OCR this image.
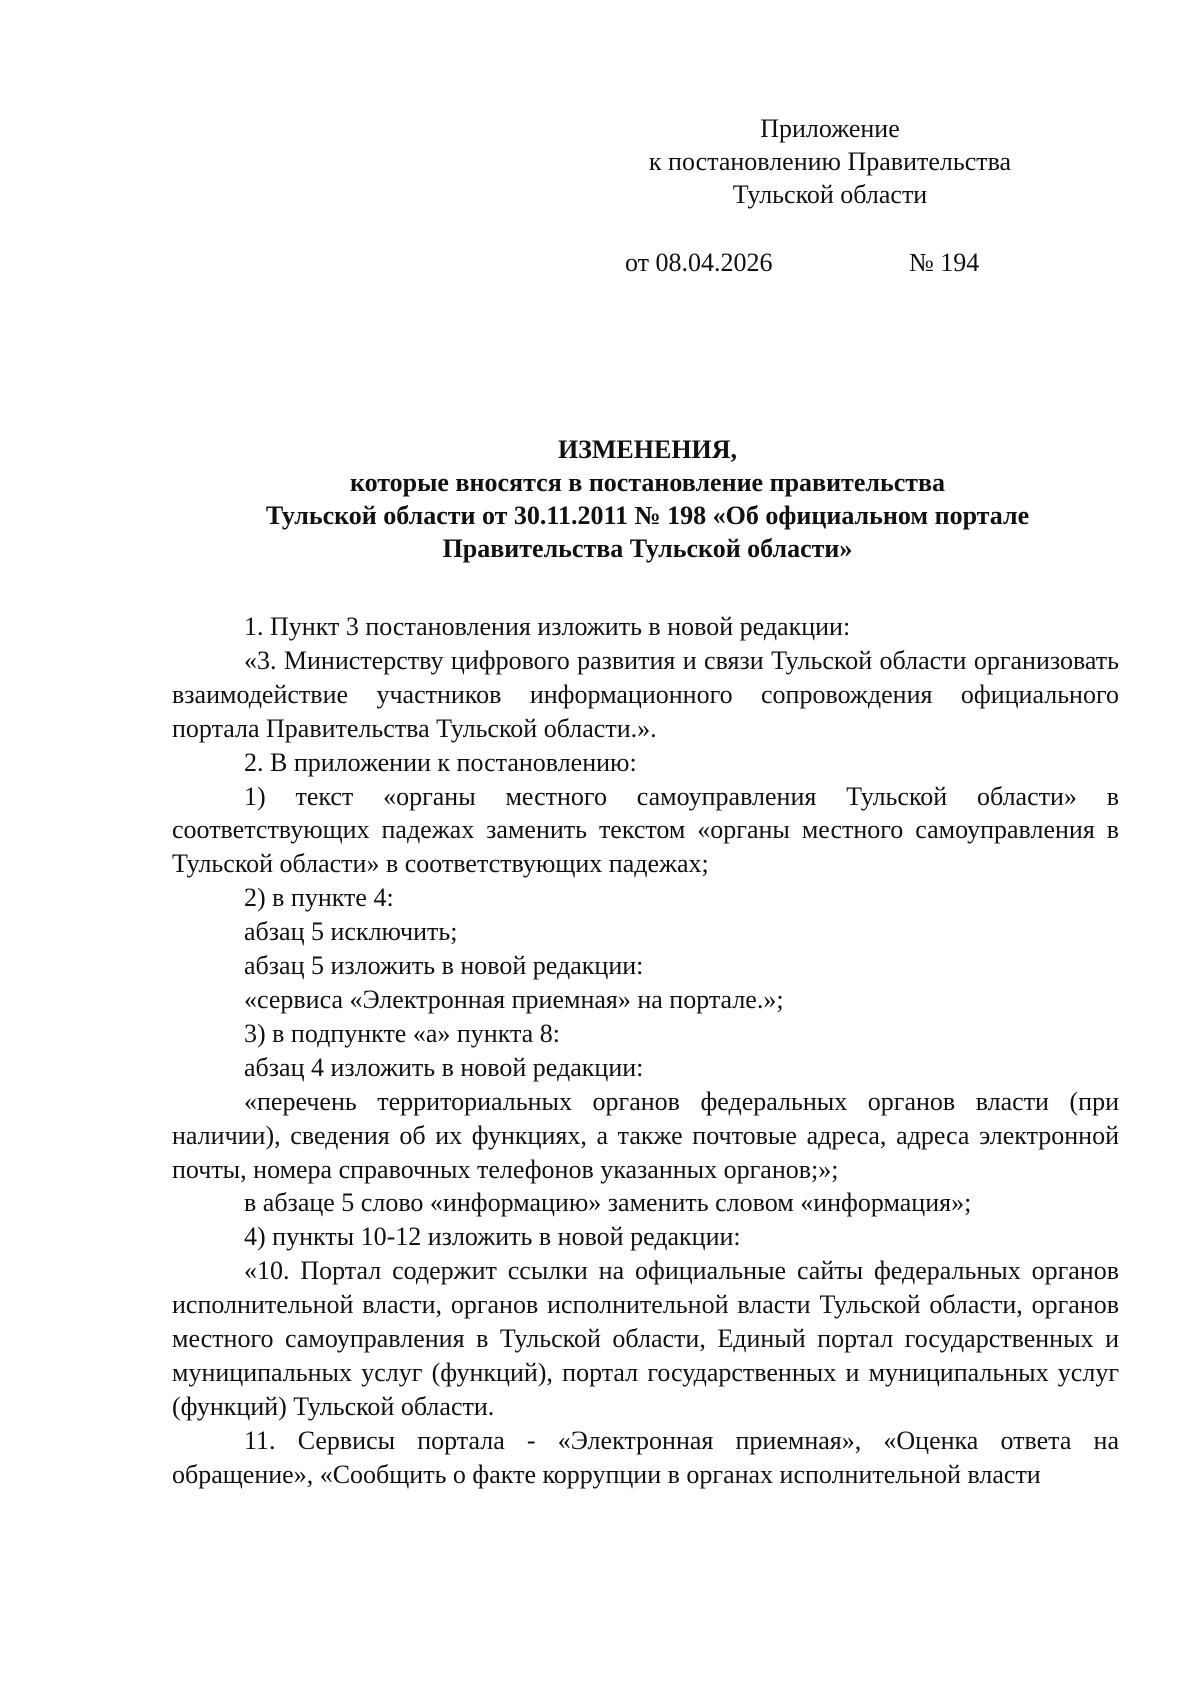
Приложение
к постановлению Правительства
Тульской области
от 08.04.2026	№ 194
ИЗМЕНЕНИЯ,
которые вносятся в постановление правительства
Тульской области от 30.11.2011 № 198 «Об официальном портале
Правительства Тульской области»

1. Пункт 3 постановления изложить в новой редакции:

«3. Министерству цифрового развития и связи Тульской области организовать взаимодействие участников информационного сопровождения официального портала Правительства Тульской области.».

2. В приложении к постановлению:

1) текст «органы местного самоуправления Тульской области» в соответствующих падежах заменить текстом «органы местного самоуправления в Тульской области» в соответствующих падежах;

2) в пункте 4:

абзац 5 исключить;

абзац 5 изложить в новой редакции:

«сервиса «Электронная приемная» на портале.»;

3) в подпункте «а» пункта 8:

абзац 4 изложить в новой редакции:

«перечень территориальных органов федеральных органов власти (при наличии), сведения об их функциях, а также почтовые адреса, адреса электронной почты, номера справочных телефонов указанных органов;»;

в абзаце 5 слово «информацию» заменить словом «информация»;

4) пункты 10-12 изложить в новой редакции:

«10. Портал содержит ссылки на официальные сайты федеральных органов исполнительной власти, органов исполнительной власти Тульской области, органов местного самоуправления в Тульской области, Единый портал государственных и муниципальных услуг (функций), портал государственных и муниципальных услуг (функций) Тульской области.

11. Сервисы портала - «Электронная приемная», «Оценка ответа на обращение», «Сообщить о факте коррупции в органах исполнительной власти
